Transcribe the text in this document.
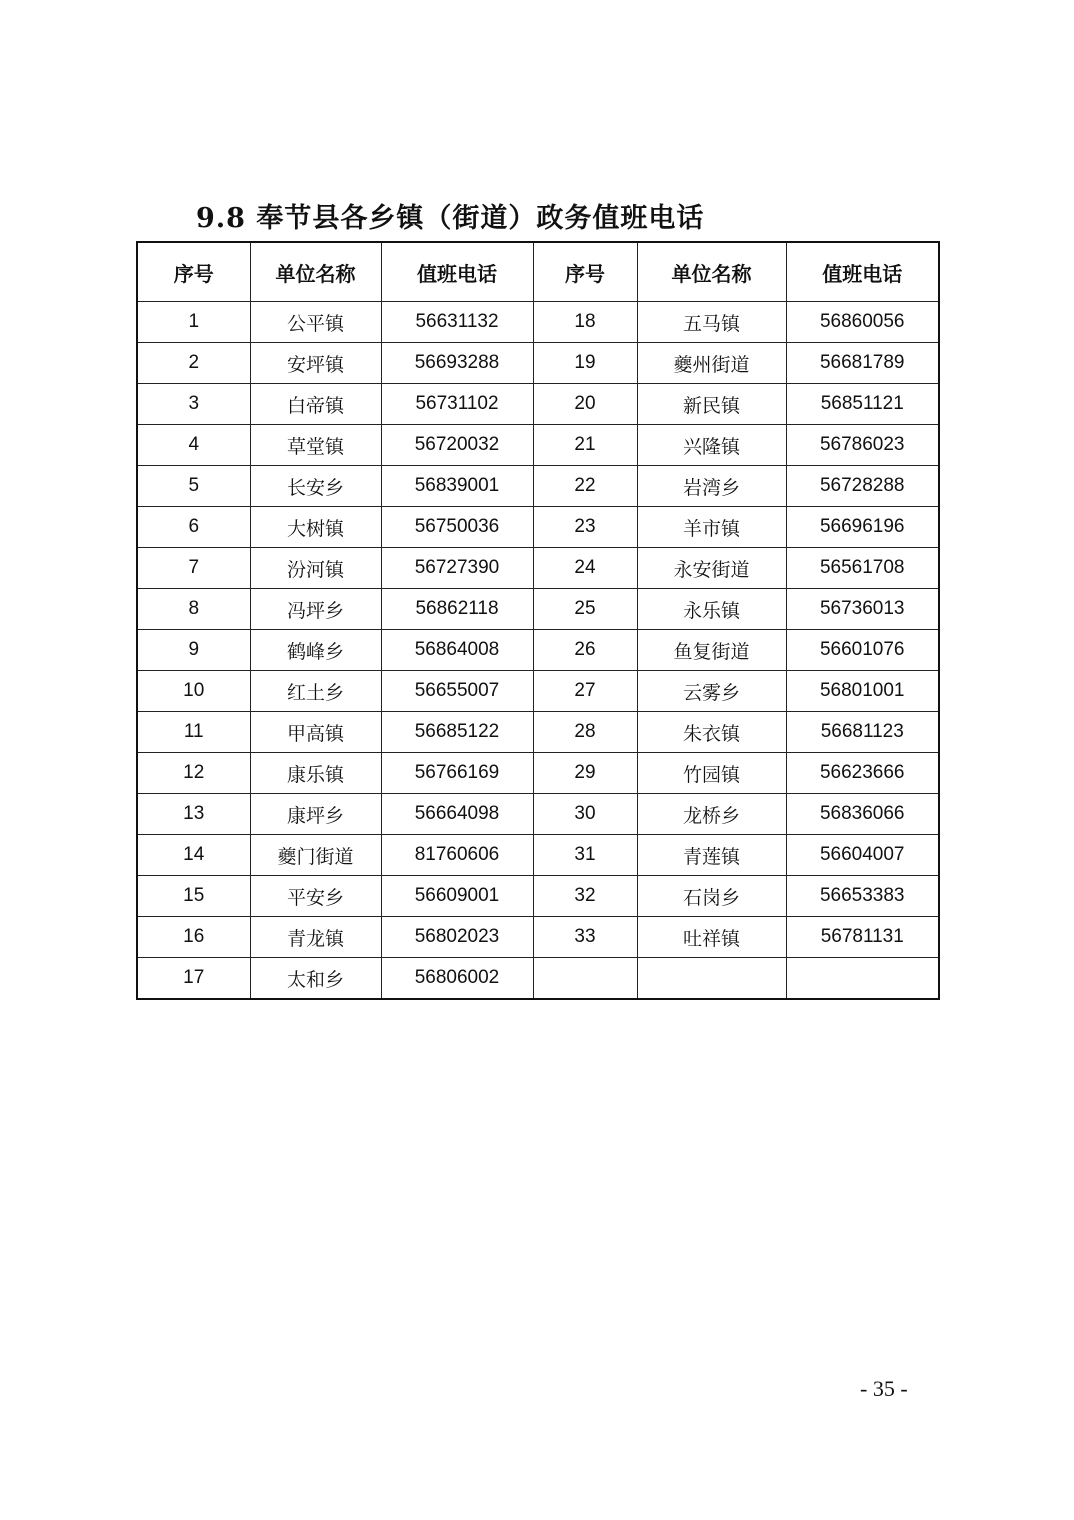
9.8 奉节县各乡镇（街道）政务值班电话
序号	单位名称	值班电话	序号	单位名称	值班电话
1	公平镇	56631132	18	五马镇	56860056
2	安坪镇	56693288	19	夔州街道	56681789
3	白帝镇	56731102	20	新民镇	56851121
4	草堂镇	56720032	21	兴隆镇	56786023
5	长安乡	56839001	22	岩湾乡	56728288
6	大树镇	56750036	23	羊市镇	56696196
7	汾河镇	56727390	24	永安街道	56561708
8	冯坪乡	56862118	25	永乐镇	56736013
9	鹤峰乡	56864008	26	鱼复街道	56601076
10	红土乡	56655007	27	云雾乡	56801001
11	甲高镇	56685122	28	朱衣镇	56681123
12	康乐镇	56766169	29	竹园镇	56623666
13	康坪乡	56664098	30	龙桥乡	56836066
14	夔门街道	81760606	31	青莲镇	56604007
15	平安乡	56609001	32	石岗乡	56653383
16	青龙镇	56802023	33	吐祥镇	56781131
17	太和乡	56806002			
- 35 -
